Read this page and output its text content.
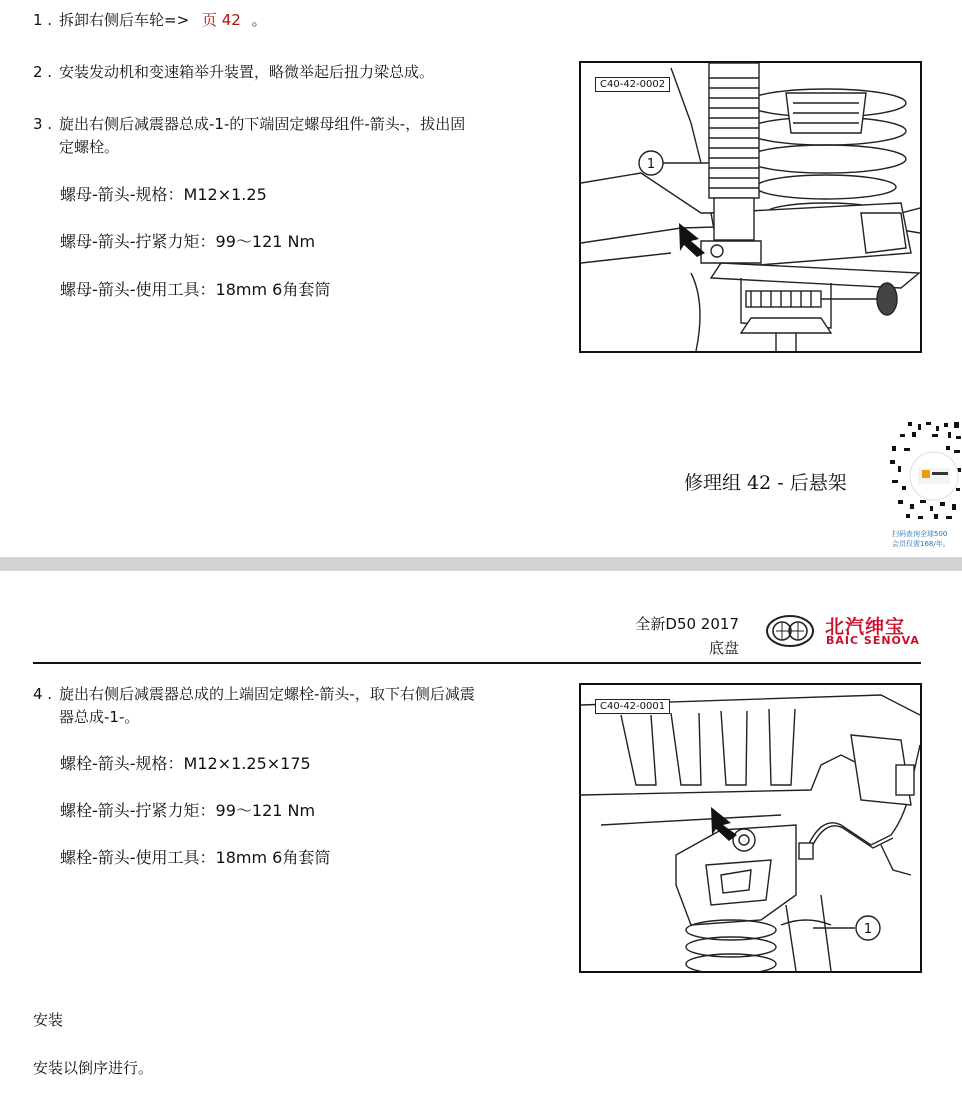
1 . 拆卸右侧后车轮=> 页 42 。
2 . 安装发动机和变速箱举升装置，略微举起后扭力梁总成。
3 . 旋出右侧后减震器总成-1-的下端固定螺母组件-箭头-，拔出固定螺栓。
螺母-箭头-规格：M12×1.25
螺母-箭头-拧紧力矩：99～121 Nm
螺母-箭头-使用工具：18mm 6角套筒
1
C40-42-0002
修理组 42 - 后悬架
扫码查询全球500
会员仅需168/年。
全新D50 2017
底盘
北汽绅宝
BAIC SENOVA
4 . 旋出右侧后减震器总成的上端固定螺栓-箭头-，取下右侧后减震器总成-1-。
螺栓-箭头-规格：M12×1.25×175
螺栓-箭头-拧紧力矩：99～121 Nm
螺栓-箭头-使用工具：18mm 6角套筒
1
C40-42-0001
安装
安装以倒序进行。
